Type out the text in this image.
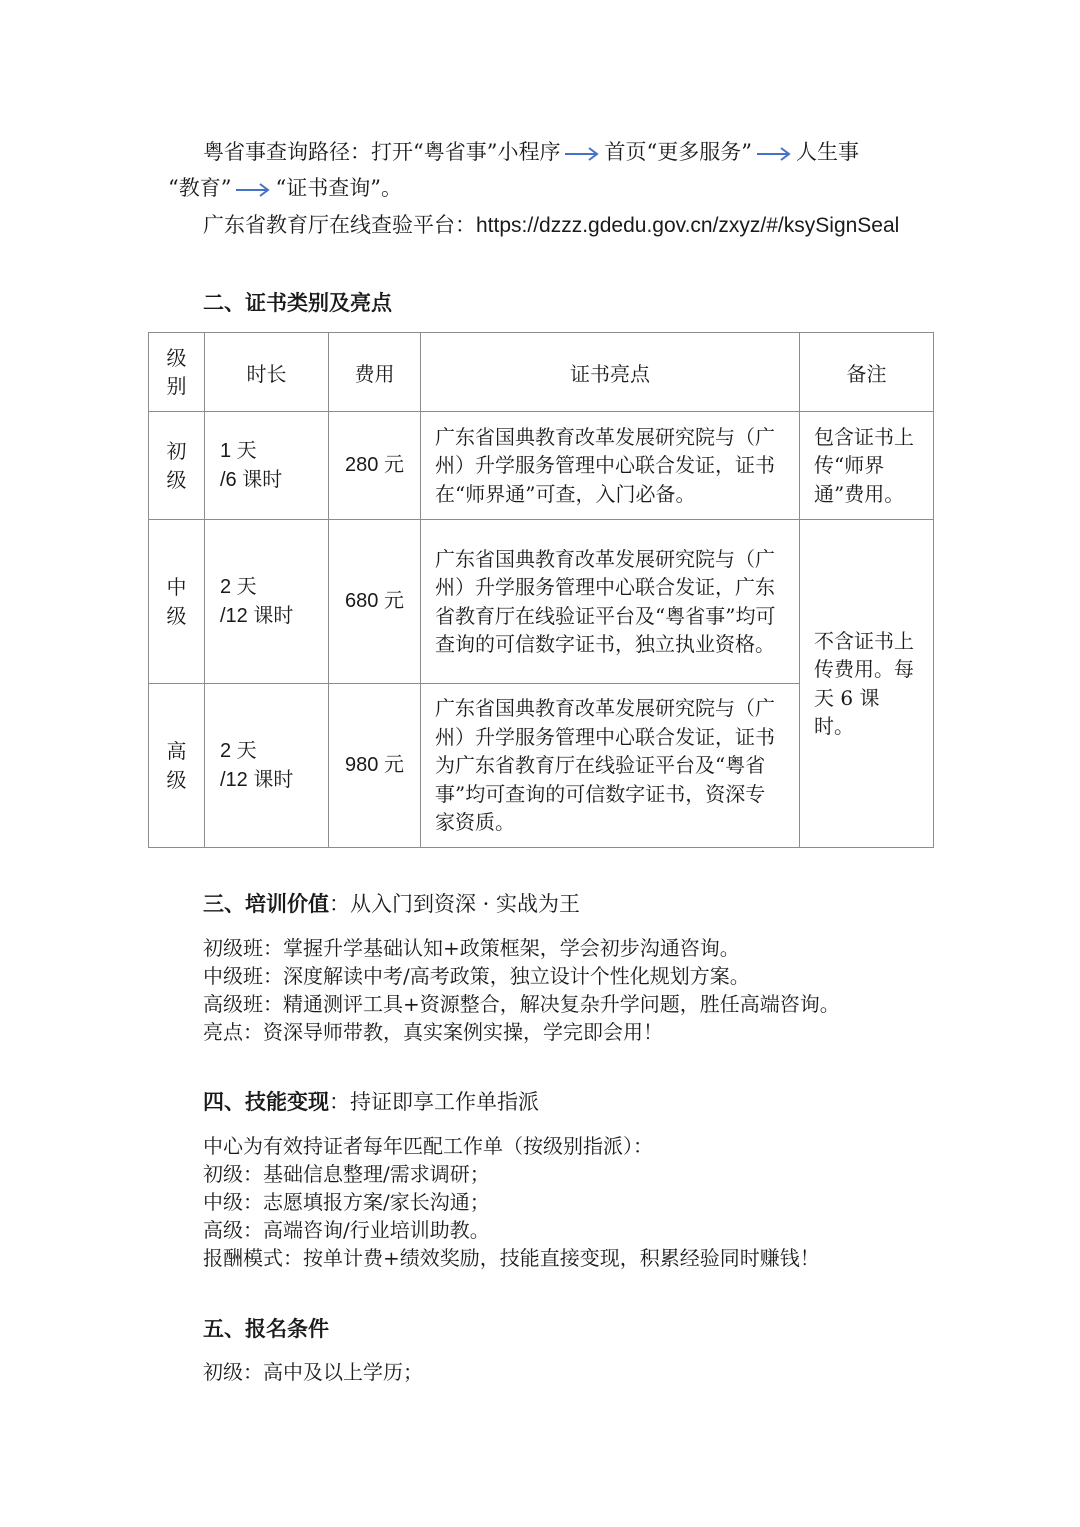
粤省事查询路径：打开“粤省事”小程序 首页“更多服务” 人生事
“教育” “证书查询”。
广东省教育厅在线查验平台：https://dzzz.gdedu.gov.cn/zxyz/#/ksySignSeal
二、证书类别及亮点
级别	时长	费用	证书亮点	备注

初级	1 天
/6 课时	280 元	广东省国典教育改革发展研究院与（广州）升学服务管理中心联合发证，证书在“师界通”可查，入门必备。	包含证书上传“师界通”费用。

中级	2 天
/12 课时	680 元	广东省国典教育改革发展研究院与（广州）升学服务管理中心联合发证，广东省教育厅在线验证平台及“粤省事”均可查询的可信数字证书，独立执业资格。	不含证书上传费用。每天 6 课时。

高级	2 天
/12 课时	980 元	广东省国典教育改革发展研究院与（广州）升学服务管理中心联合发证，证书为广东省教育厅在线验证平台及“粤省事”均可查询的可信数字证书，资深专家资质。	
三、培训价值：从入门到资深 · 实战为王
初级班：掌握升学基础认知+政策框架，学会初步沟通咨询。
中级班：深度解读中考/高考政策，独立设计个性化规划方案。
高级班：精通测评工具+资源整合，解决复杂升学问题，胜任高端咨询。
亮点：资深导师带教，真实案例实操，学完即会用！
四、技能变现：持证即享工作单指派
中心为有效持证者每年匹配工作单（按级别指派）：
初级：基础信息整理/需求调研；
中级：志愿填报方案/家长沟通；
高级：高端咨询/行业培训助教。
报酬模式：按单计费+绩效奖励，技能直接变现，积累经验同时赚钱！
五、报名条件
初级：高中及以上学历；
